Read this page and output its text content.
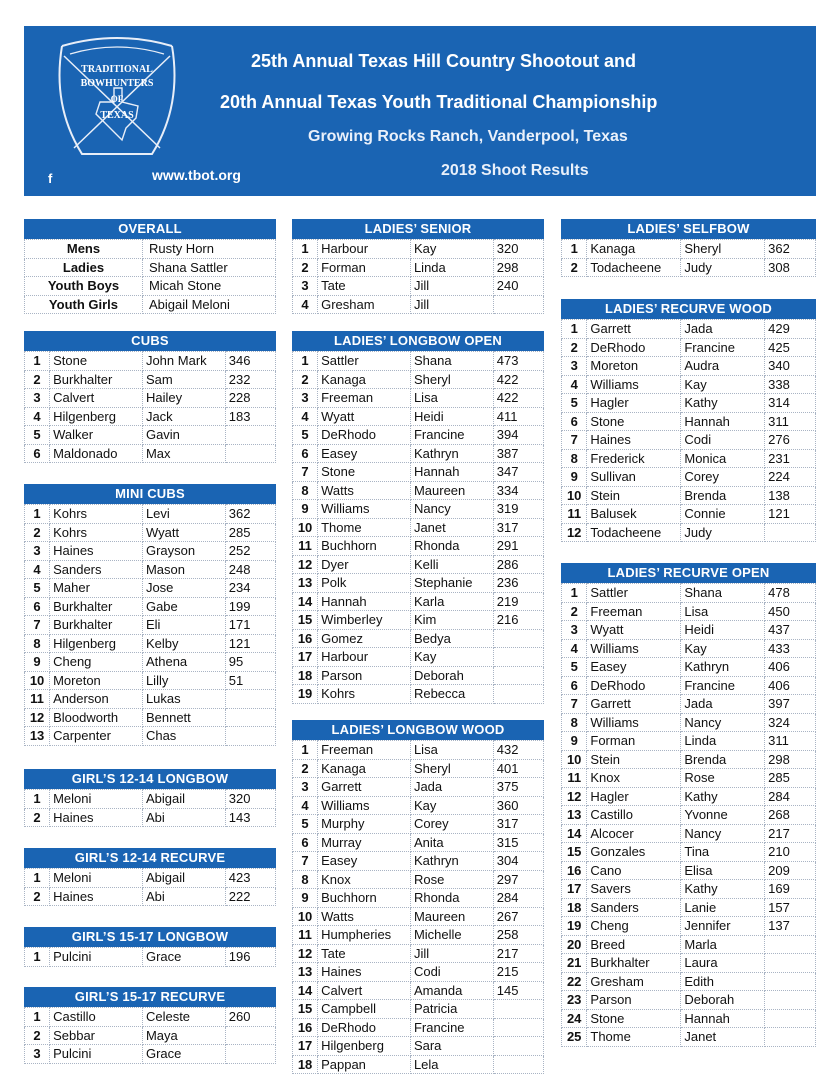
TRADITIONAL
BOWHUNTERS
OF
TEXAS
f	www.tbot.org
25th Annual Texas Hill Country Shootout and
20th Annual Texas Youth Traditional Championship
Growing Rocks Ranch, Vanderpool, Texas
2018 Shoot Results
OVERALL
Mens	Rusty Horn
Ladies	Shana Sattler
Youth Boys	Micah Stone
Youth Girls	Abigail Meloni
CUBS
1	Stone	John Mark	346
2	Burkhalter	Sam	232
3	Calvert	Hailey	228
4	Hilgenberg	Jack	183
5	Walker	Gavin	
6	Maldonado	Max	
MINI CUBS
1	Kohrs	Levi	362
2	Kohrs	Wyatt	285
3	Haines	Grayson	252
4	Sanders	Mason	248
5	Maher	Jose	234
6	Burkhalter	Gabe	199
7	Burkhalter	Eli	171
8	Hilgenberg	Kelby	121
9	Cheng	Athena	95
10	Moreton	Lilly	51
11	Anderson	Lukas	
12	Bloodworth	Bennett	
13	Carpenter	Chas	
GIRL’S 12-14 LONGBOW
1	Meloni	Abigail	320
2	Haines	Abi	143
GIRL’S 12-14 RECURVE
1	Meloni	Abigail	423
2	Haines	Abi	222
GIRL’S 15-17 LONGBOW
1	Pulcini	Grace	196
GIRL’S 15-17 RECURVE
1	Castillo	Celeste	260
2	Sebbar	Maya	
3	Pulcini	Grace	
LADIES’ SENIOR
1	Harbour	Kay	320
2	Forman	Linda	298
3	Tate	Jill	240
4	Gresham	Jill	
LADIES’ LONGBOW OPEN
1	Sattler	Shana	473
2	Kanaga	Sheryl	422
3	Freeman	Lisa	422
4	Wyatt	Heidi	411
5	DeRhodo	Francine	394
6	Easey	Kathryn	387
7	Stone	Hannah	347
8	Watts	Maureen	334
9	Williams	Nancy	319
10	Thome	Janet	317
11	Buchhorn	Rhonda	291
12	Dyer	Kelli	286
13	Polk	Stephanie	236
14	Hannah	Karla	219
15	Wimberley	Kim	216
16	Gomez	Bedya	
17	Harbour	Kay	
18	Parson	Deborah	
19	Kohrs	Rebecca	
LADIES’ LONGBOW WOOD
1	Freeman	Lisa	432
2	Kanaga	Sheryl	401
3	Garrett	Jada	375
4	Williams	Kay	360
5	Murphy	Corey	317
6	Murray	Anita	315
7	Easey	Kathryn	304
8	Knox	Rose	297
9	Buchhorn	Rhonda	284
10	Watts	Maureen	267
11	Humpheries	Michelle	258
12	Tate	Jill	217
13	Haines	Codi	215
14	Calvert	Amanda	145
15	Campbell	Patricia	
16	DeRhodo	Francine	
17	Hilgenberg	Sara	
18	Pappan	Lela	
LADIES’ SELFBOW
1	Kanaga	Sheryl	362
2	Todacheene	Judy	308
LADIES’ RECURVE WOOD
1	Garrett	Jada	429
2	DeRhodo	Francine	425
3	Moreton	Audra	340
4	Williams	Kay	338
5	Hagler	Kathy	314
6	Stone	Hannah	311
7	Haines	Codi	276
8	Frederick	Monica	231
9	Sullivan	Corey	224
10	Stein	Brenda	138
11	Balusek	Connie	121
12	Todacheene	Judy	
LADIES’ RECURVE OPEN
1	Sattler	Shana	478
2	Freeman	Lisa	450
3	Wyatt	Heidi	437
4	Williams	Kay	433
5	Easey	Kathryn	406
6	DeRhodo	Francine	406
7	Garrett	Jada	397
8	Williams	Nancy	324
9	Forman	Linda	311
10	Stein	Brenda	298
11	Knox	Rose	285
12	Hagler	Kathy	284
13	Castillo	Yvonne	268
14	Alcocer	Nancy	217
15	Gonzales	Tina	210
16	Cano	Elisa	209
17	Savers	Kathy	169
18	Sanders	Lanie	157
19	Cheng	Jennifer	137
20	Breed	Marla	
21	Burkhalter	Laura	
22	Gresham	Edith	
23	Parson	Deborah	
24	Stone	Hannah	
25	Thome	Janet	
